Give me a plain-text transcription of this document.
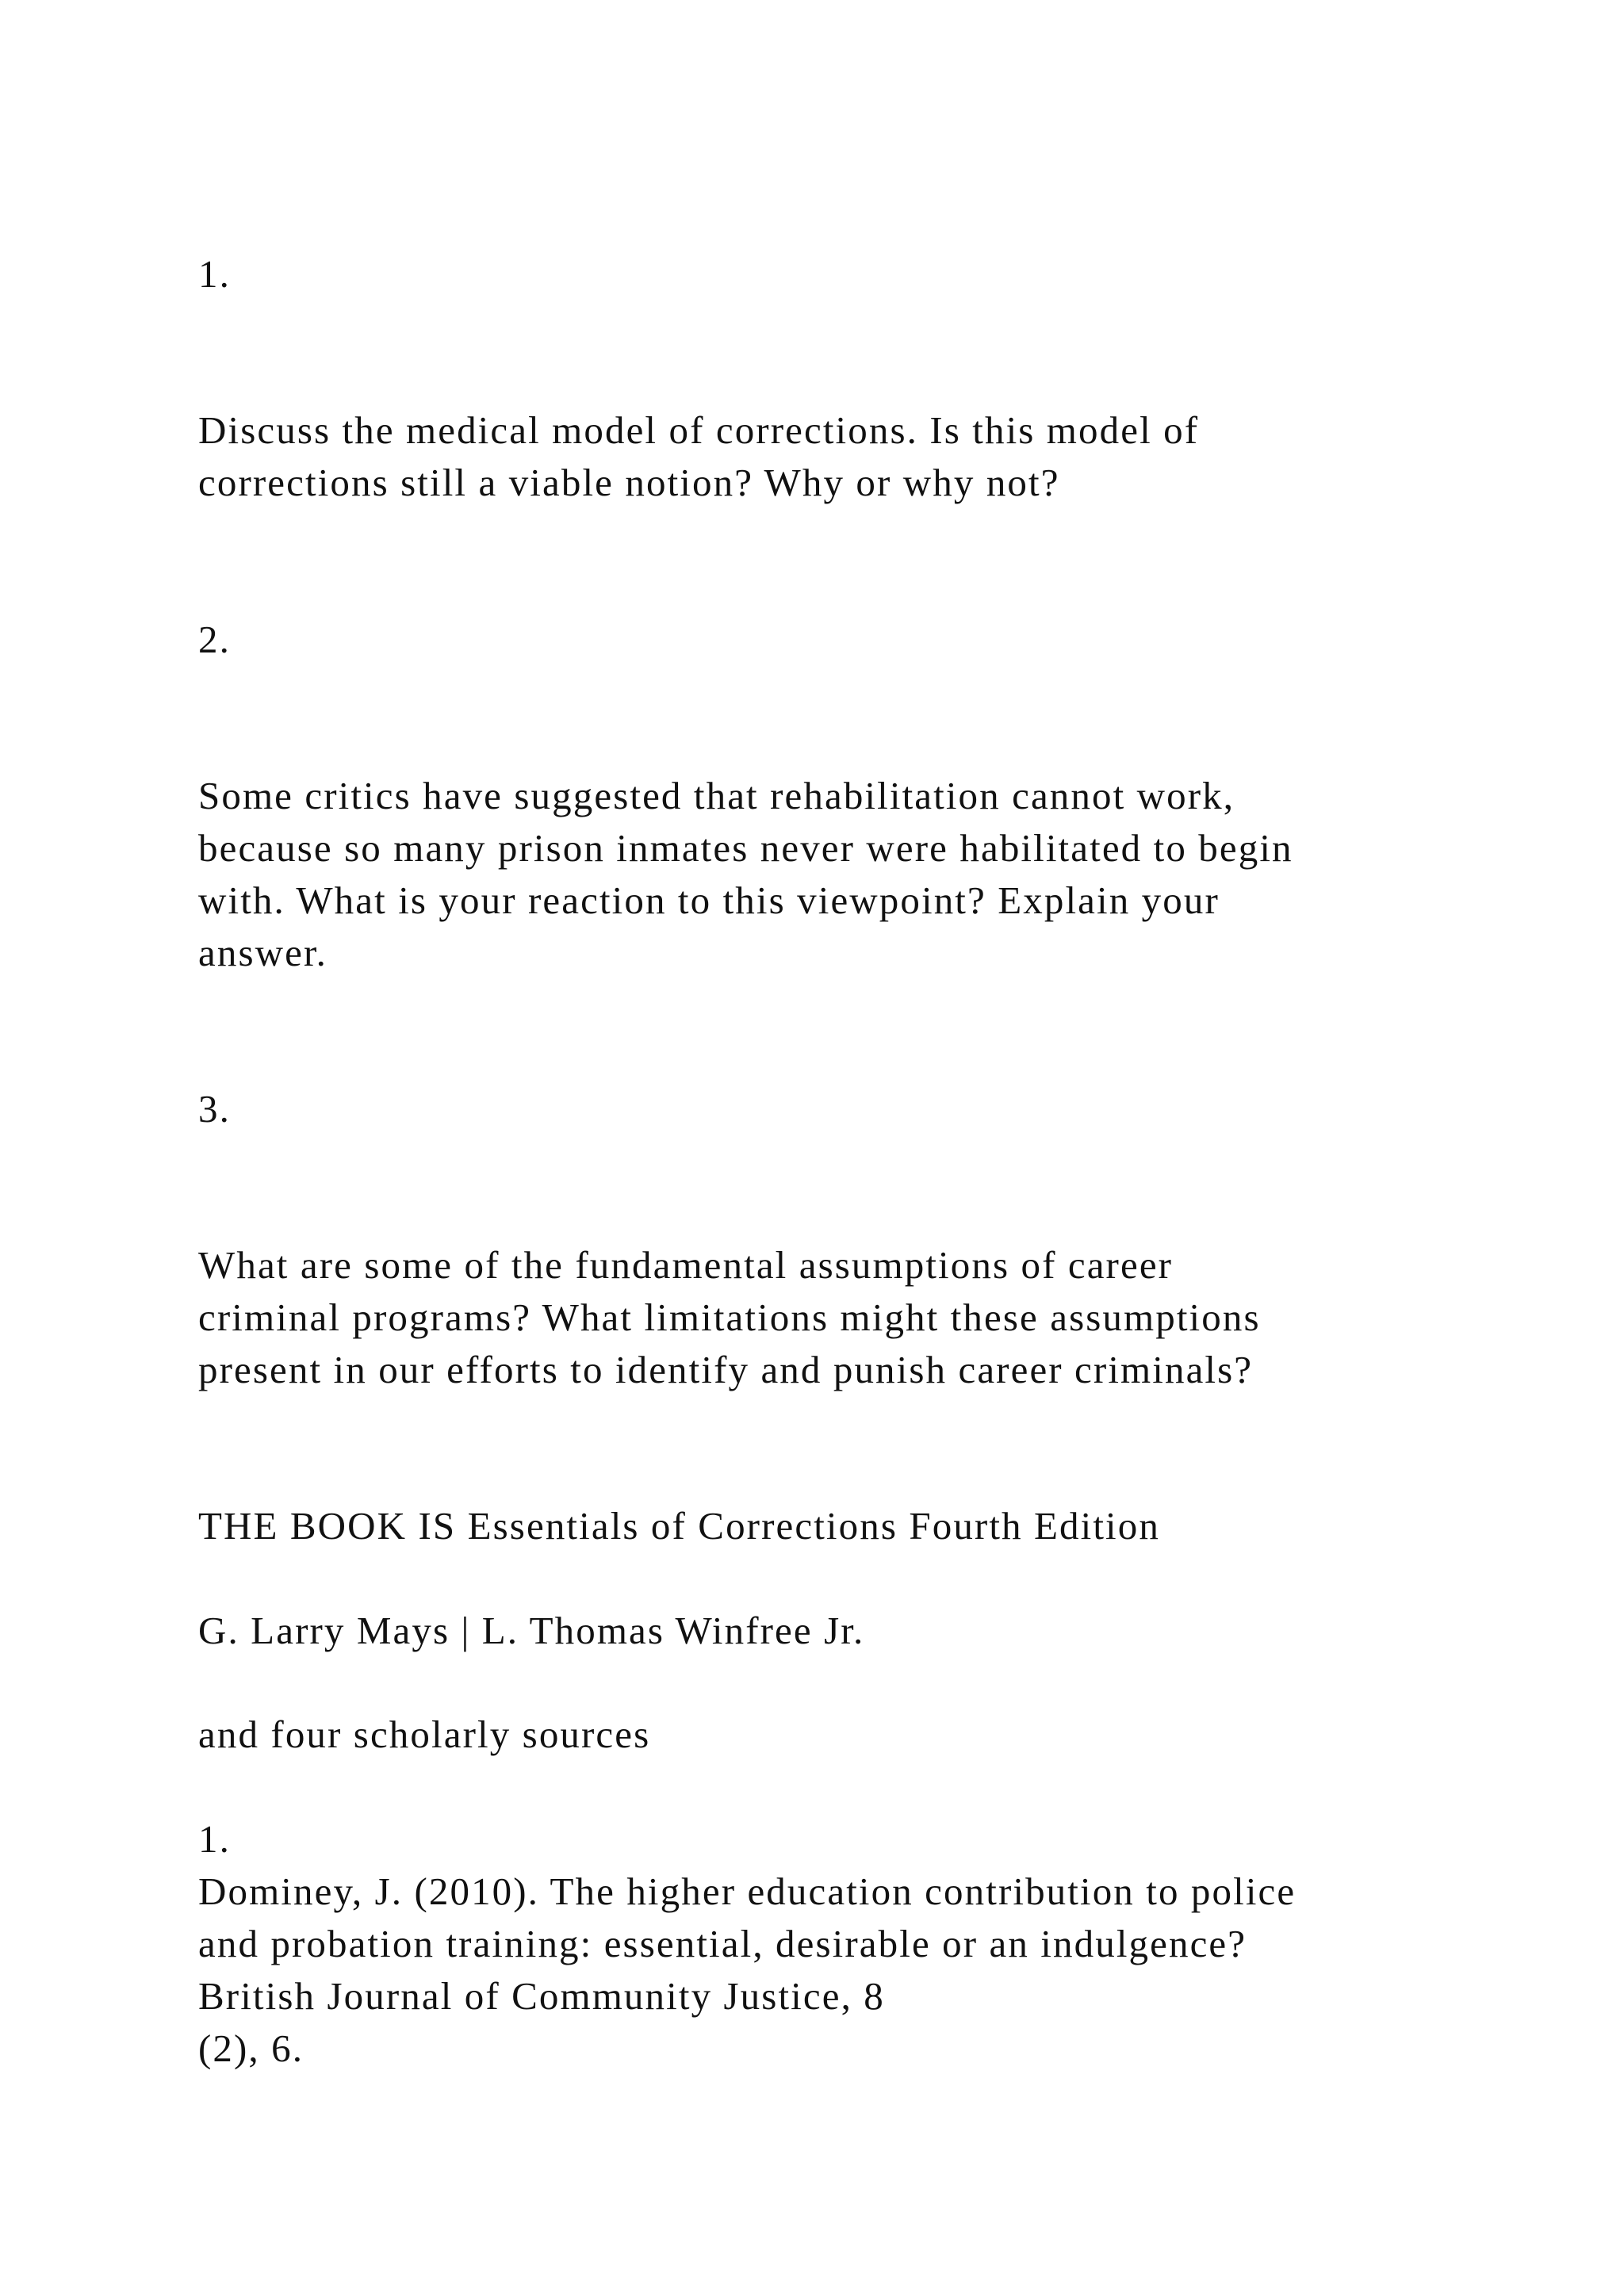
1.

Discuss the medical model of corrections. Is this model of

corrections still a viable notion? Why or why not?

2.

Some critics have suggested that rehabilitation cannot work,

because so many prison inmates never were habilitated to begin

with. What is your reaction to this viewpoint? Explain your

answer.

3.

What are some of the fundamental assumptions of career

criminal programs? What limitations might these assumptions

present in our efforts to identify and punish career criminals?

THE BOOK IS Essentials of Corrections Fourth Edition

G. Larry Mays | L. Thomas Winfree Jr.

and four scholarly sources

1.

Dominey, J. (2010). The higher education contribution to police

and probation training: essential, desirable or an indulgence?

British Journal of Community Justice, 8

(2), 6.
